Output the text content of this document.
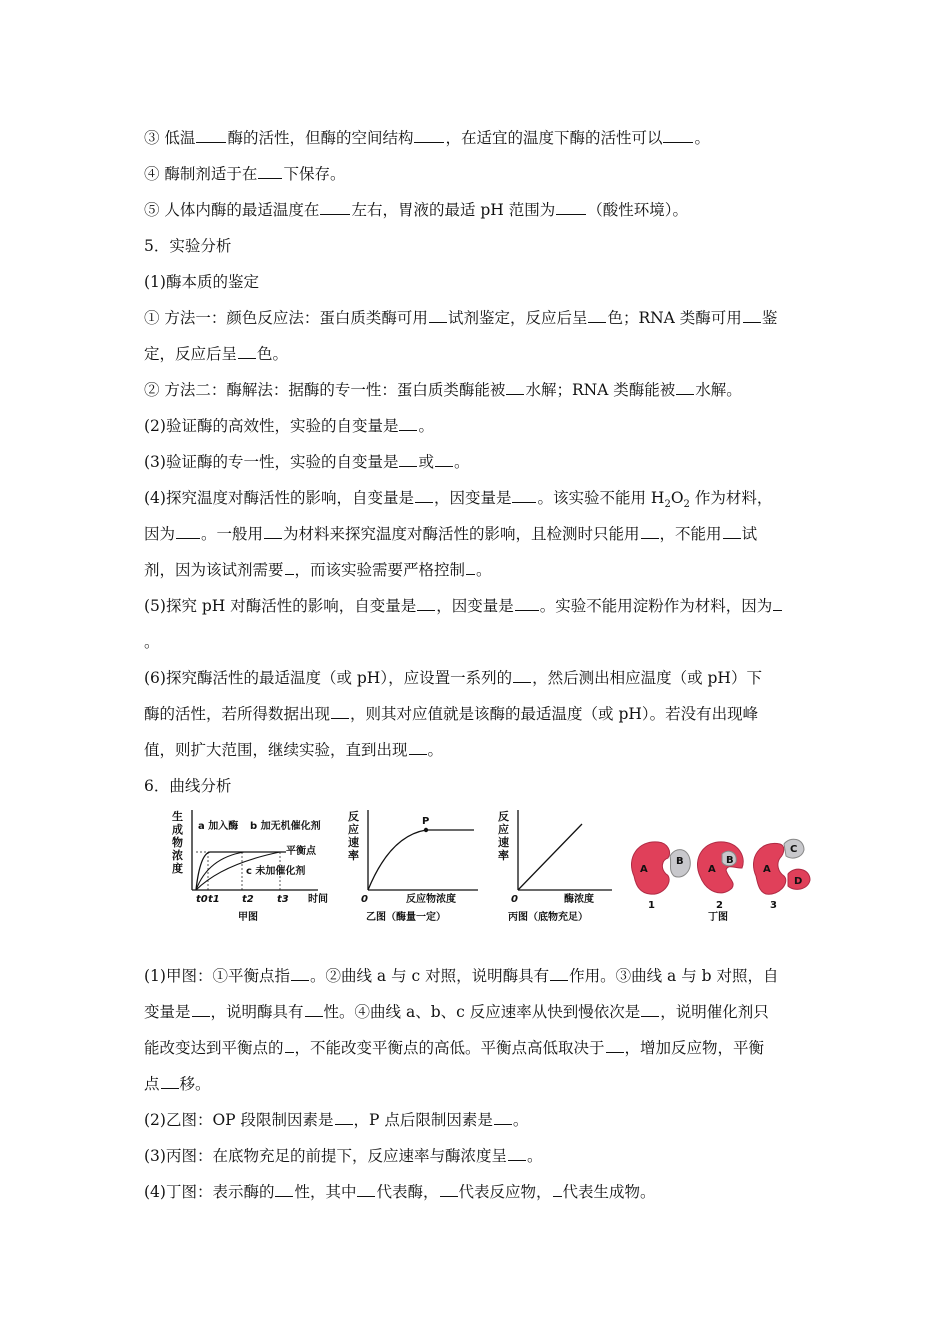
③ 低温 酶的活性，但酶的空间结构 ，在适宜的温度下酶的活性可以 。
④ 酶制剂适于在 下保存。
⑤ 人体内酶的最适温度在 左右，胃液的最适 pH 范围为 （酸性环境）。
5．实验分析
(1)酶本质的鉴定
① 方法一：颜色反应法：蛋白质类酶可用 试剂鉴定，反应后呈 色；RNA 类酶可用 鉴
定，反应后呈 色。
② 方法二：酶解法：据酶的专一性：蛋白质类酶能被 水解；RNA 类酶能被 水解。
(2)验证酶的高效性，实验的自变量是 。
(3)验证酶的专一性，实验的自变量是 或 。
(4)探究温度对酶活性的影响，自变量是 ，因变量是 。该实验不能用 $H_2O_2$ 作为材料，
因为 。一般用 为材料来探究温度对酶活性的影响，且检测时只能用 ，不能用 试
剂，因为该试剂需要 ，而该实验需要严格控制 。
(5)探究 pH 对酶活性的影响，自变量是 ，因变量是 。实验不能用淀粉作为材料，因为
。
(6)探究酶活性的最适温度（或 pH），应设置一系列的 ，然后测出相应温度（或 pH）下
酶的活性，若所得数据出现 ，则其对应值就是该酶的最适温度（或 pH）。若没有出现峰
值，则扩大范围，继续实验，直到出现 。
6．曲线分析
生
成
物
浓
度
a 加入酶 b 加无机催化剂
平衡点
c 未加催化剂
t0 t1 t2 t3 时间
甲图
反
应
速
率
P
0	反应物浓度
乙图（酶量一定）
反
应
速
率
0	酶浓度
丙图（底物充足）
A
B
A
B
A
C
D
1	2	3
丁图
(1)甲图：①平衡点指 。②曲线 a 与 c 对照，说明酶具有 作用。③曲线 a 与 b 对照，自
变量是 ，说明酶具有 性。④曲线 a、b、c 反应速率从快到慢依次是 ，说明催化剂只
能改变达到平衡点的 ，不能改变平衡点的高低。平衡点高低取决于 ，增加反应物，平衡
点 移。
(2)乙图：OP 段限制因素是 ，P 点后限制因素是 。
(3)丙图：在底物充足的前提下，反应速率与酶浓度呈 。
(4)丁图：表示酶的 性，其中 代表酶， 代表反应物， 代表生成物。
